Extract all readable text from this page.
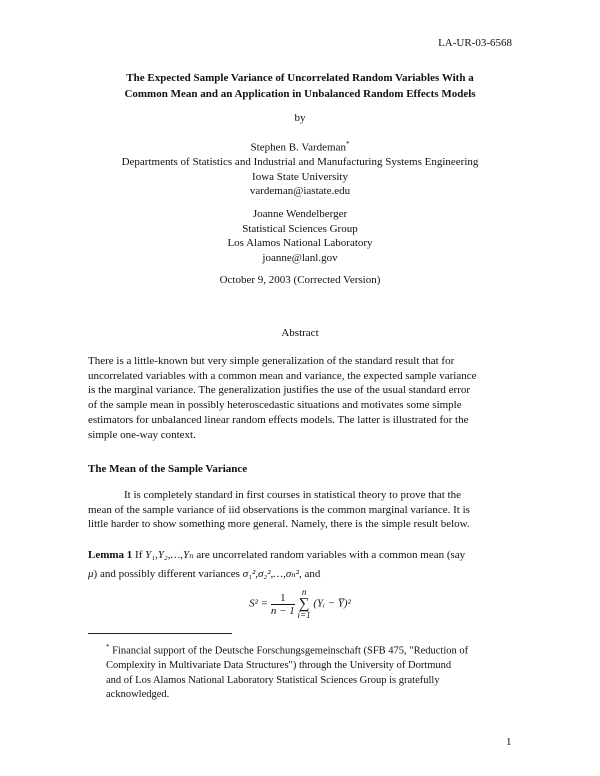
LA-UR-03-6568
The Expected Sample Variance of Uncorrelated Random Variables With a
Common Mean and an Application in Unbalanced Random Effects Models
by
Stephen B. Vardeman*
Departments of Statistics and Industrial and Manufacturing Systems Engineering
Iowa State University
vardeman@iastate.edu
Joanne Wendelberger
Statistical Sciences Group
Los Alamos National Laboratory
joanne@lanl.gov
October 9, 2003 (Corrected Version)
Abstract
There is a little-known but very simple generalization of the standard result that for
uncorrelated variables with a common mean and variance, the expected sample variance
is the marginal variance. The generalization justifies the use of the usual standard error
of the sample mean in possibly heteroscedastic situations and motivates some simple
estimators for unbalanced linear random effects models. The latter is illustrated for the
simple one-way context.
The Mean of the Sample Variance
It is completely standard in first courses in statistical theory to prove that the
mean of the sample variance of iid observations is the common marginal variance. It is
little harder to show something more general. Namely, there is the simple result below.
Lemma 1 If Y₁,Y₂,…,Yₙ are uncorrelated random variables with a common mean (say
μ) and possibly different variances σ₁²,σ₂²,…,σₙ², and
$S^2 = \frac{1}{n - 1}$
n
∑
i=1
(Yᵢ − Y̅)²
* Financial support of the Deutsche Forschungsgemeinschaft (SFB 475, "Reduction of
Complexity in Multivariate Data Structures") through the University of Dortmund
and of Los Alamos National Laboratory Statistical Sciences Group is gratefully
acknowledged.
1
